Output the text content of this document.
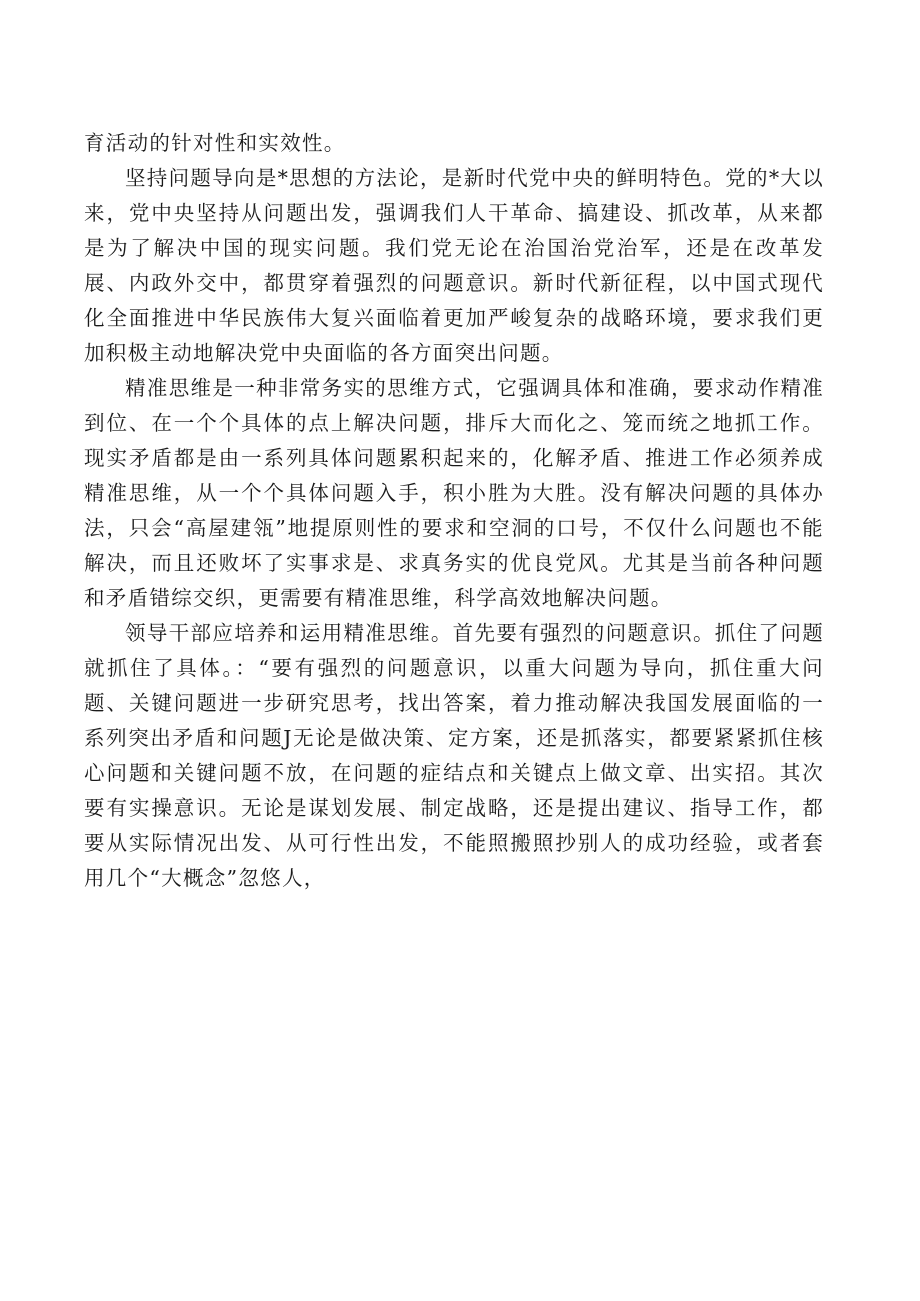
育活动的针对性和实效性。

坚持问题导向是*思想的方法论，是新时代党中央的鲜明特色。党的*大以来，党中央坚持从问题出发，强调我们人干革命、搞建设、抓改革，从来都是为了解决中国的现实问题。我们党无论在治国治党治军，还是在改革发展、内政外交中，都贯穿着强烈的问题意识。新时代新征程，以中国式现代化全面推进中华民族伟大复兴面临着更加严峻复杂的战略环境，要求我们更加积极主动地解决党中央面临的各方面突出问题。

精准思维是一种非常务实的思维方式，它强调具体和准确，要求动作精准到位、在一个个具体的点上解决问题，排斥大而化之、笼而统之地抓工作。现实矛盾都是由一系列具体问题累积起来的，化解矛盾、推进工作必须养成精准思维，从一个个具体问题入手，积小胜为大胜。没有解决问题的具体办法，只会“高屋建瓴”地提原则性的要求和空洞的口号，不仅什么问题也不能解决，而且还败坏了实事求是、求真务实的优良党风。尤其是当前各种问题和矛盾错综交织，更需要有精准思维，科学高效地解决问题。

领导干部应培养和运用精准思维。首先要有强烈的问题意识。抓住了问题就抓住了具体。：“要有强烈的问题意识，以重大问题为导向，抓住重大问题、关键问题进一步研究思考，找出答案，着力推动解决我国发展面临的一系列突出矛盾和问题J无论是做决策、定方案，还是抓落实，都要紧紧抓住核心问题和关键问题不放，在问题的症结点和关键点上做文章、出实招。其次要有实操意识。无论是谋划发展、制定战略，还是提出建议、指导工作，都要从实际情况出发、从可行性出发，不能照搬照抄别人的成功经验，或者套用几个“大概念”忽悠人，
